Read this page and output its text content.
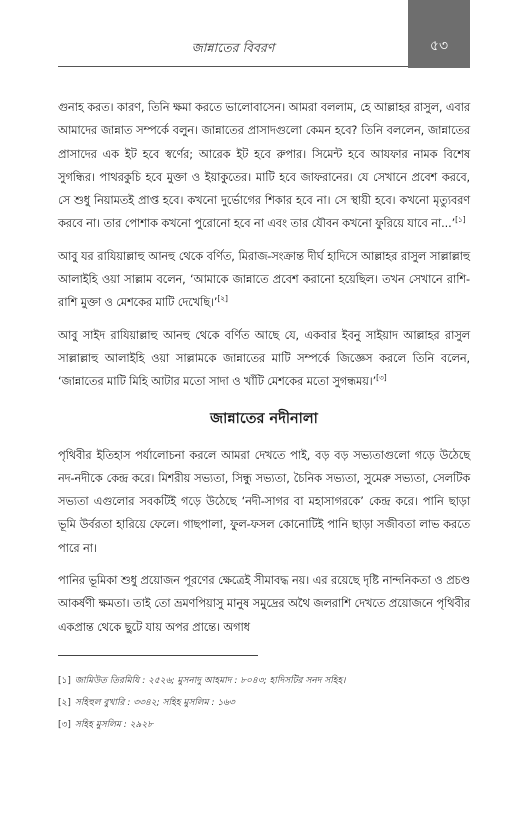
জান্নাতের বিবরণ	৫৩

গুনাহ করত। কারণ, তিনি ক্ষমা করতে ভালোবাসেন। আমরা বললাম, হে আল্লাহর রাসুল, এবার আমাদের জান্নাত সম্পর্কে বলুন। জান্নাতের প্রাসাদগুলো কেমন হবে? তিনি বললেন, জান্নাতের প্রাসাদের এক ইট হবে স্বর্ণের; আরেক ইট হবে রুপার। সিমেন্ট হবে আযফার নামক বিশেষ সুগন্ধির। পাথরকুচি হবে মুক্তা ও ইয়াকুতের। মাটি হবে জাফরানের। যে সেখানে প্রবেশ করবে, সে শুধু নিয়ামতই প্রাপ্ত হবে। কখনো দুর্ভোগের শিকার হবে না। সে স্থায়ী হবে। কখনো মৃত্যুবরণ করবে না। তার পোশাক কখনো পুরোনো হবে না এবং তার যৌবন কখনো ফুরিয়ে যাবে না...’[১]

আবু যর রাযিয়াল্লাহু আনহু থেকে বর্ণিত, মিরাজ-সংক্রান্ত দীর্ঘ হাদিসে আল্লাহর রাসুল সাল্লাল্লাহু আলাইহি ওয়া সাল্লাম বলেন, ‘আমাকে জান্নাতে প্রবেশ করানো হয়েছিল। তখন সেখানে রাশি-রাশি মুক্তা ও মেশকের মাটি দেখেছি।’[২]

আবু সাইদ রাযিয়াল্লাহু আনহু থেকে বর্ণিত আছে যে, একবার ইবনু সাইয়াদ আল্লাহর রাসুল সাল্লাল্লাহু আলাইহি ওয়া সাল্লামকে জান্নাতের মাটি সম্পর্কে জিজ্ঞেস করলে তিনি বলেন, ‘জান্নাতের মাটি মিহি আটার মতো সাদা ও খাঁটি মেশকের মতো সুগন্ধময়।’[৩]

জান্নাতের নদীনালা

পৃথিবীর ইতিহাস পর্যালোচনা করলে আমরা দেখতে পাই, বড় বড় সভ্যতাগুলো গড়ে উঠেছে নদ-নদীকে কেন্দ্র করে। মিশরীয় সভ্যতা, সিন্ধু সভ্যতা, চৈনিক সভ্যতা, সুমেরু সভ্যতা, সেলটিক সভ্যতা এগুলোর সবকটিই গড়ে উঠেছে ‘নদী-সাগর বা মহাসাগরকে’ কেন্দ্র করে। পানি ছাড়া ভূমি উর্বরতা হারিয়ে ফেলে। গাছপালা, ফুল-ফসল কোনোটিই পানি ছাড়া সজীবতা লাভ করতে পারে না।

পানির ভূমিকা শুধু প্রয়োজন পূরণের ক্ষেত্রেই সীমাবদ্ধ নয়। এর রয়েছে দৃষ্টি নান্দনিকতা ও প্রচণ্ড আকর্ষণী ক্ষমতা। তাই তো ভ্রমণপিয়াসু মানুষ সমুদ্রের অথৈ জলরাশি দেখতে প্রয়োজনে পৃথিবীর একপ্রান্ত থেকে ছুটে যায় অপর প্রান্তে। অগাধ

[১] জামিউত তিরমিযি : ২৫২৬; মুসনাদু আহমাদ : ৮০৪৩; হাদিসটির সনদ সহিহ।
[২] সহিহুল বুখারি : ৩৩৪২; সহিহ মুসলিম : ১৬৩
[৩] সহিহ মুসলিম : ২৯২৮
